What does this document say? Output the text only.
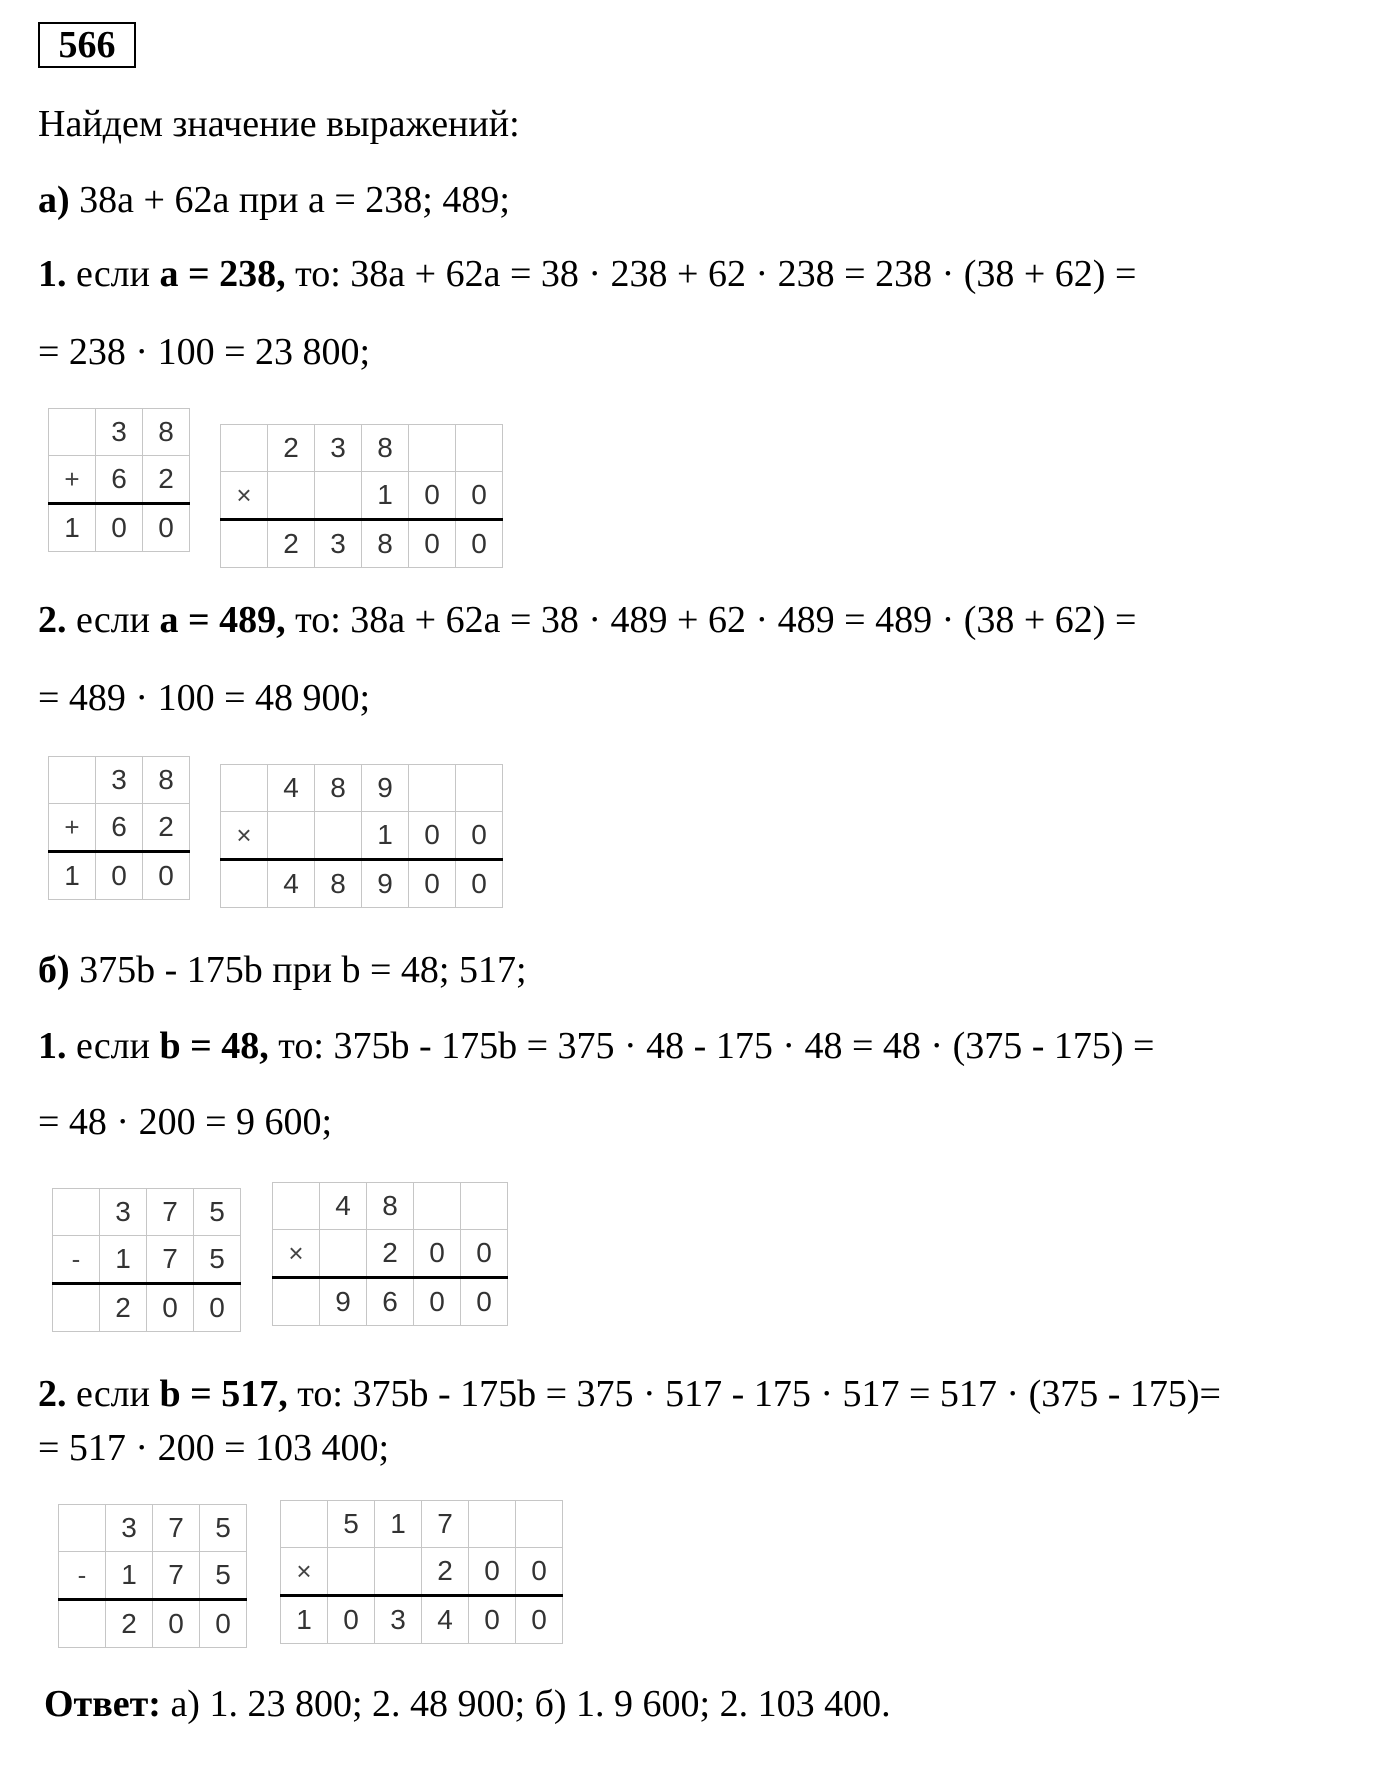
566
Найдем значение выражений:
а) 38a + 62a при a = 238; 489;
1. если а = 238, то: 38а + 62а = 38 · 238 + 62 · 238 = 238 · (38 + 62) =
= 238 · 100 = 23 800;
	3	8
+	6	2
1	0	0
	2	3	8		
×			1	0	0
	2	3	8	0	0
2. если а = 489, то: 38а + 62а = 38 · 489 + 62 · 489 = 489 · (38 + 62) =
= 489 · 100 = 48 900;
	3	8
+	6	2
1	0	0
	4	8	9		
×			1	0	0
	4	8	9	0	0
б) 375b - 175b при b = 48; 517;
1. если b = 48, то: 375b - 175b = 375 · 48 - 175 · 48 = 48 · (375 - 175) =
= 48 · 200 = 9 600;
	3	7	5
-	1	7	5
	2	0	0
	4	8		
×		2	0	0
	9	6	0	0
2. если b = 517, то: 375b - 175b = 375 · 517 - 175 · 517 = 517 · (375 - 175)=
= 517 · 200 = 103 400;
	3	7	5
-	1	7	5
	2	0	0
	5	1	7		
×			2	0	0
1	0	3	4	0	0
Ответ: а) 1. 23 800; 2. 48 900; б) 1. 9 600; 2. 103 400.
